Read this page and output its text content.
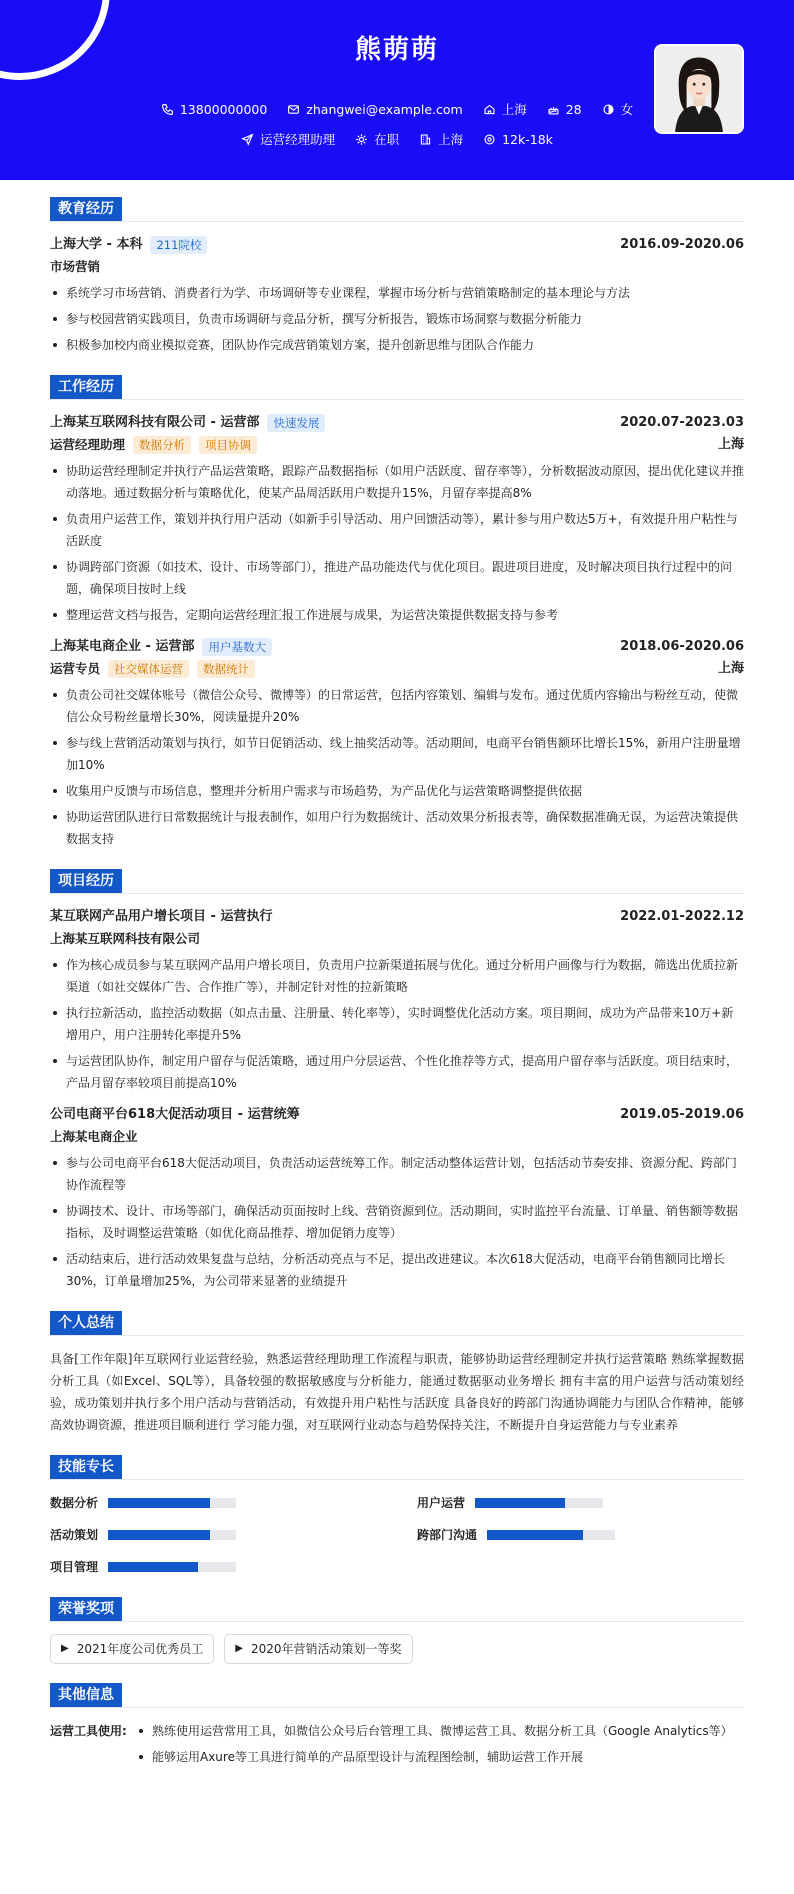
熊萌萌
13800000000	zhangwei@example.com	上海	28	女
运营经理助理	在职	上海	12k-18k
教育经历
上海大学 - 本科	211院校	2016.09-2020.06
市场营销
系统学习市场营销、消费者行为学、市场调研等专业课程，掌握市场分析与营销策略制定的基本理论与方法
参与校园营销实践项目，负责市场调研与竞品分析，撰写分析报告，锻炼市场洞察与数据分析能力
积极参加校内商业模拟竞赛，团队协作完成营销策划方案，提升创新思维与团队合作能力
工作经历
上海某互联网科技有限公司 - 运营部	快速发展	2020.07-2023.03
运营经理助理	数据分析	项目协调	上海
协助运营经理制定并执行产品运营策略，跟踪产品数据指标（如用户活跃度、留存率等），分析数据波动原因，提出优化建议并推动落地。通过数据分析与策略优化，使某产品周活跃用户数提升15%，月留存率提高8%
负责用户运营工作，策划并执行用户活动（如新手引导活动、用户回馈活动等），累计参与用户数达5万+，有效提升用户粘性与活跃度
协调跨部门资源（如技术、设计、市场等部门），推进产品功能迭代与优化项目。跟进项目进度，及时解决项目执行过程中的问题，确保项目按时上线
整理运营文档与报告，定期向运营经理汇报工作进展与成果，为运营决策提供数据支持与参考
上海某电商企业 - 运营部	用户基数大	2018.06-2020.06
运营专员	社交媒体运营	数据统计	上海
负责公司社交媒体账号（微信公众号、微博等）的日常运营，包括内容策划、编辑与发布。通过优质内容输出与粉丝互动，使微信公众号粉丝量增长30%，阅读量提升20%
参与线上营销活动策划与执行，如节日促销活动、线上抽奖活动等。活动期间，电商平台销售额环比增长15%，新用户注册量增加10%
收集用户反馈与市场信息，整理并分析用户需求与市场趋势，为产品优化与运营策略调整提供依据
协助运营团队进行日常数据统计与报表制作，如用户行为数据统计、活动效果分析报表等，确保数据准确无误，为运营决策提供数据支持
项目经历
某互联网产品用户增长项目 - 运营执行	2022.01-2022.12
上海某互联网科技有限公司
作为核心成员参与某互联网产品用户增长项目，负责用户拉新渠道拓展与优化。通过分析用户画像与行为数据，筛选出优质拉新渠道（如社交媒体广告、合作推广等），并制定针对性的拉新策略
执行拉新活动，监控活动数据（如点击量、注册量、转化率等），实时调整优化活动方案。项目期间，成功为产品带来10万+新增用户，用户注册转化率提升5%
与运营团队协作，制定用户留存与促活策略，通过用户分层运营、个性化推荐等方式，提高用户留存率与活跃度。项目结束时，产品月留存率较项目前提高10%
公司电商平台618大促活动项目 - 运营统筹	2019.05-2019.06
上海某电商企业
参与公司电商平台618大促活动项目，负责活动运营统筹工作。制定活动整体运营计划，包括活动节奏安排、资源分配、跨部门协作流程等
协调技术、设计、市场等部门，确保活动页面按时上线、营销资源到位。活动期间，实时监控平台流量、订单量、销售额等数据指标，及时调整运营策略（如优化商品推荐、增加促销力度等）
活动结束后，进行活动效果复盘与总结，分析活动亮点与不足，提出改进建议。本次618大促活动，电商平台销售额同比增长30%，订单量增加25%，为公司带来显著的业绩提升
个人总结

具备[工作年限]年互联网行业运营经验，熟悉运营经理助理工作流程与职责，能够协助运营经理制定并执行运营策略 熟练掌握数据分析工具（如Excel、SQL等），具备较强的数据敏感度与分析能力，能通过数据驱动业务增长 拥有丰富的用户运营与活动策划经验，成功策划并执行多个用户活动与营销活动，有效提升用户粘性与活跃度 具备良好的跨部门沟通协调能力与团队合作精神，能够高效协调资源，推进项目顺利进行 学习能力强，对互联网行业动态与趋势保持关注，不断提升自身运营能力与专业素养

技能专长
数据分析	用户运营
活动策划	跨部门沟通
项目管理
荣誉奖项
▶ 2021年度公司优秀员工	▶ 2020年营销活动策划一等奖
其他信息
运营工具使用:	熟练使用运营常用工具，如微信公众号后台管理工具、微博运营工具、数据分析工具（Google Analytics等）
能够运用Axure等工具进行简单的产品原型设计与流程图绘制，辅助运营工作开展
